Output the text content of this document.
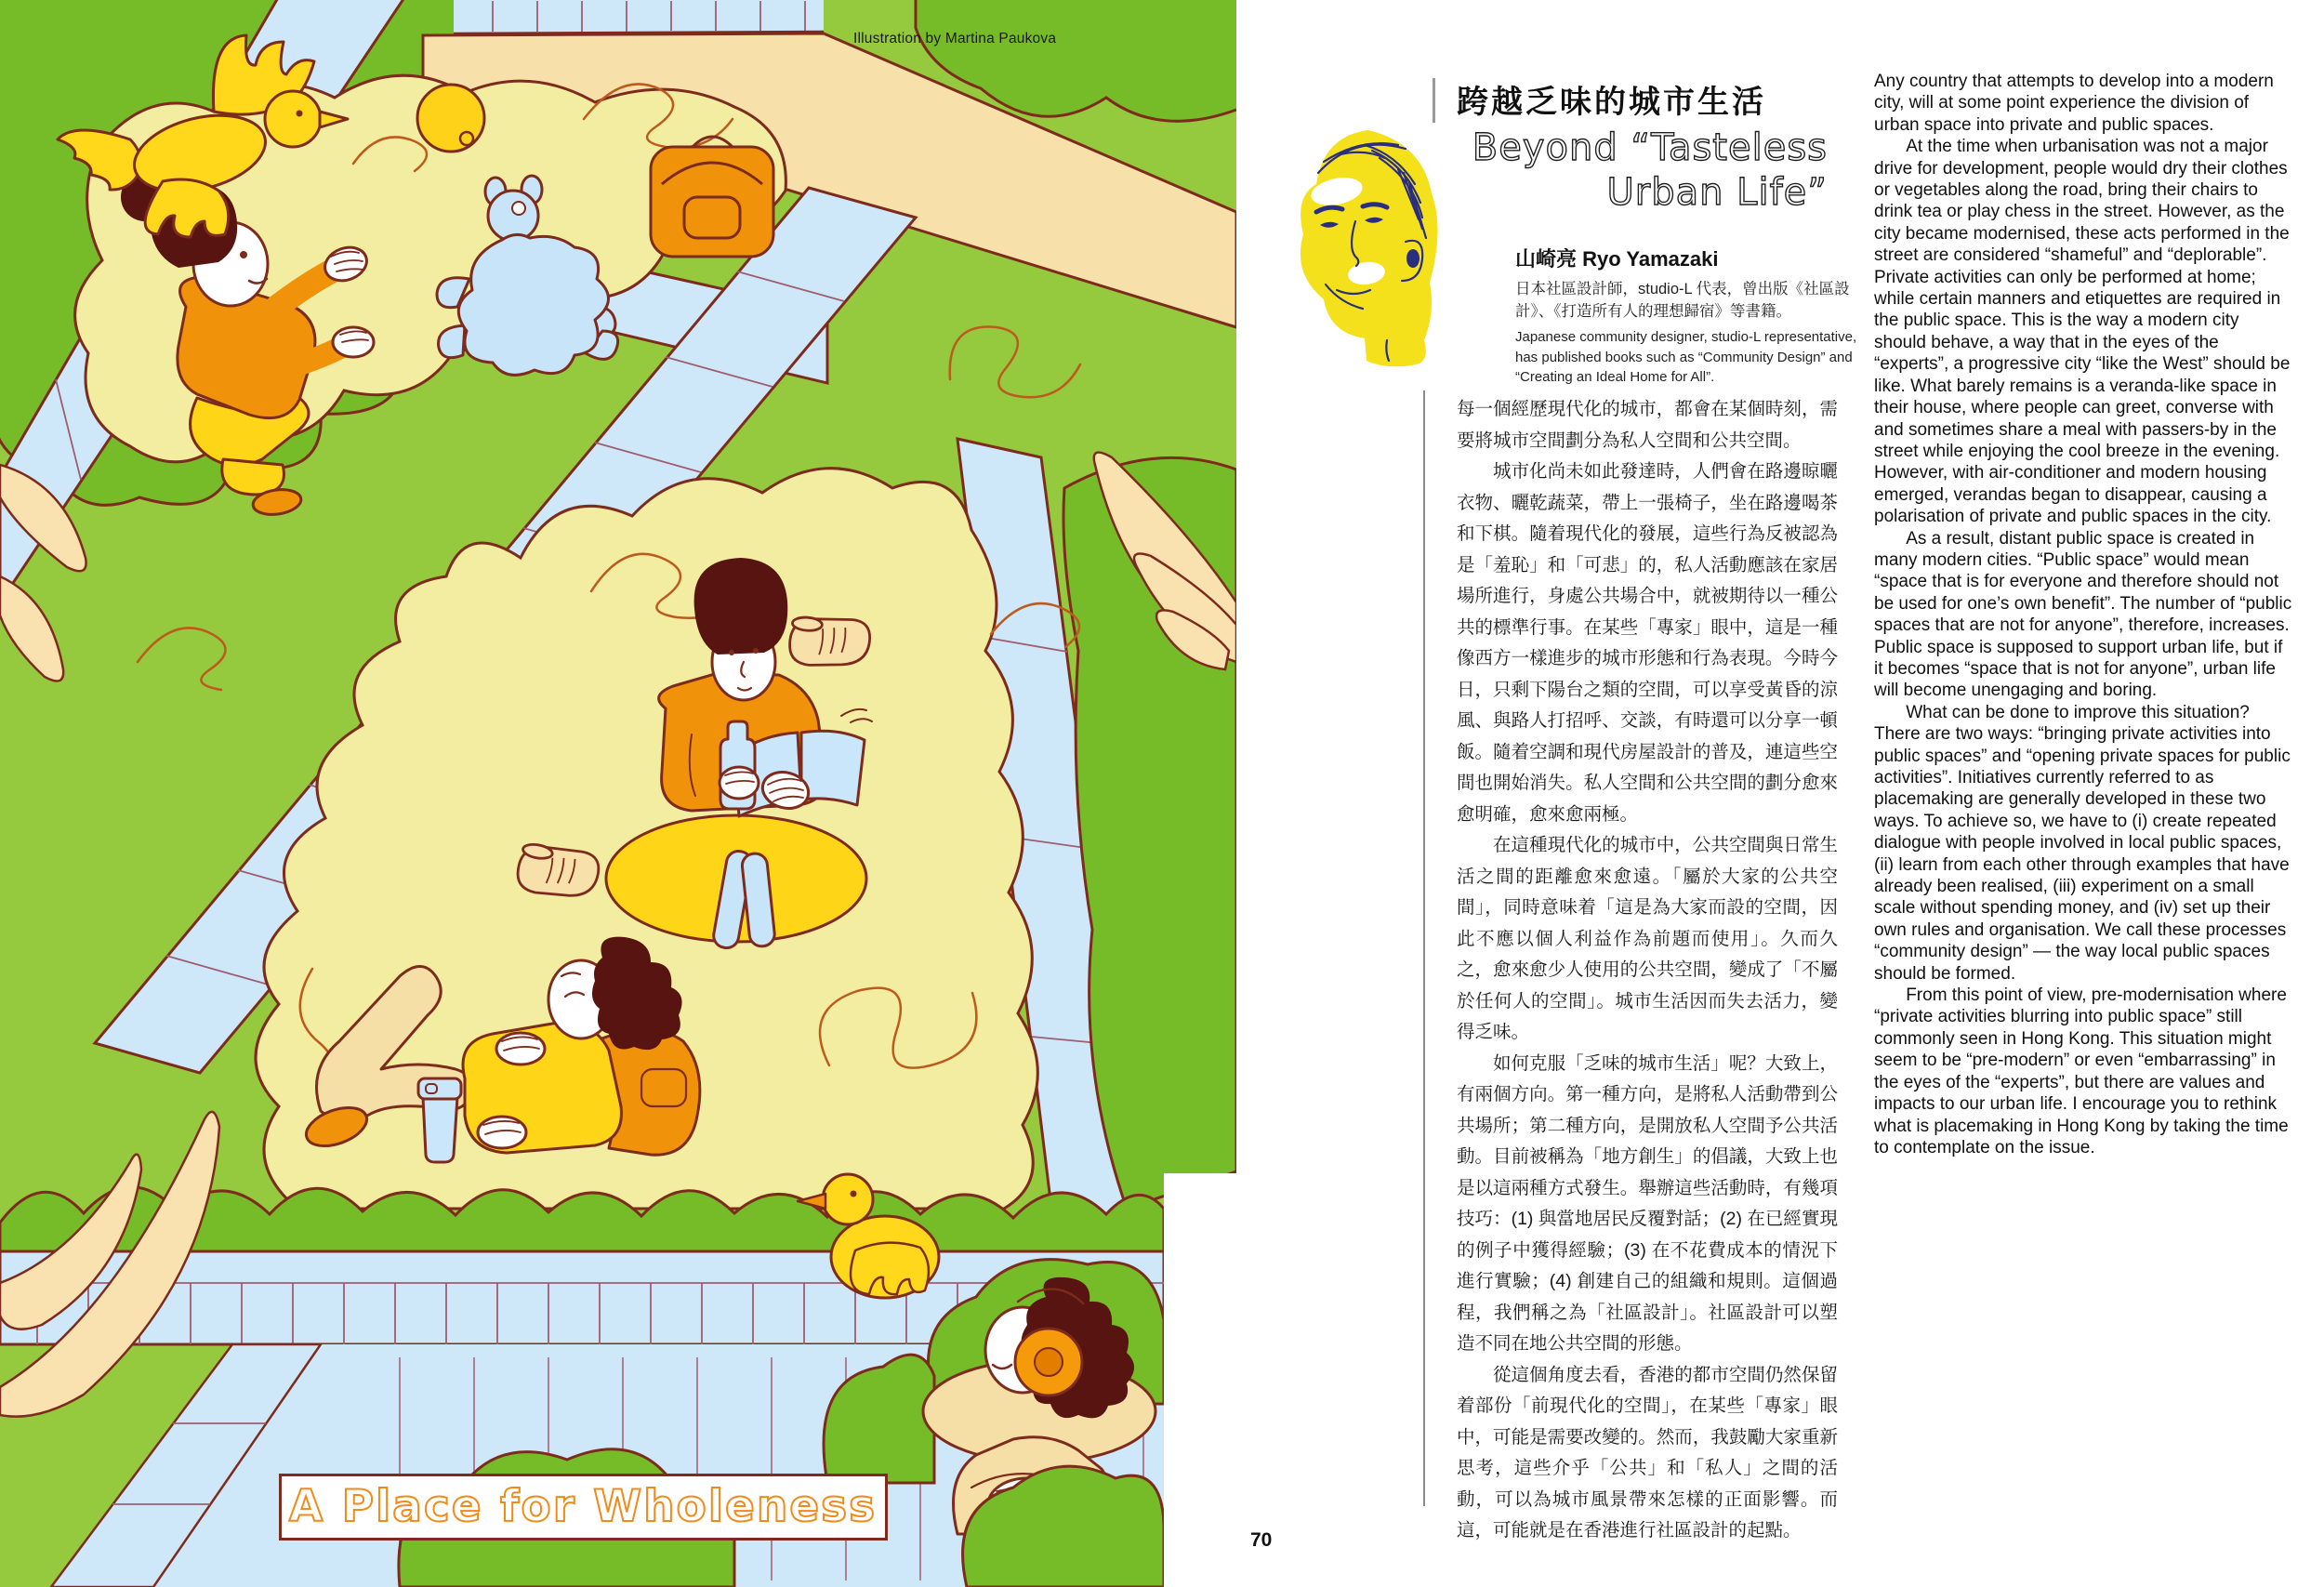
Illustration by Martina Paukova
A Place for Wholeness
跨越乏味的城市生活
Beyond “Tasteless
Urban Life”
山崎亮 Ryo Yamazaki
日本社區設計師，studio-L 代表，曾出版《社區設計》、《打造所有人的理想歸宿》等書籍。
Japanese community designer, studio-L representative, has published books such as “Community Design” and “Creating an Ideal Home for All”.

每一個經歷現代化的城市，都會在某個時刻，需要將城市空間劃分為私人空間和公共空間。

城市化尚未如此發達時，人們會在路邊晾曬衣物、曬乾蔬菜，帶上一張椅子，坐在路邊喝茶和下棋。隨着現代化的發展，這些行為反被認為是「羞恥」和「可悲」的，私人活動應該在家居場所進行，身處公共場合中，就被期待以一種公共的標準行事。在某些「專家」眼中，這是一種像西方一樣進步的城市形態和行為表現。今時今日，只剩下陽台之類的空間，可以享受黃昏的涼風、與路人打招呼、交談，有時還可以分享一頓飯。隨着空調和現代房屋設計的普及，連這些空間也開始消失。私人空間和公共空間的劃分愈來愈明確，愈來愈兩極。

在這種現代化的城市中，公共空間與日常生活之間的距離愈來愈遠。「屬於大家的公共空間」，同時意味着「這是為大家而設的空間，因此不應以個人利益作為前題而使用」。久而久之，愈來愈少人使用的公共空間，變成了「不屬於任何人的空間」。城市生活因而失去活力，變得乏味。

如何克服「乏味的城市生活」呢？大致上，有兩個方向。第一種方向，是將私人活動帶到公共場所；第二種方向，是開放私人空間予公共活動。目前被稱為「地方創生」的倡議，大致上也是以這兩種方式發生。舉辦這些活動時，有幾項技巧：(1) 與當地居民反覆對話；(2) 在已經實現的例子中獲得經驗；(3) 在不花費成本的情況下進行實驗；(4) 創建自己的組織和規則。這個過程，我們稱之為「社區設計」。社區設計可以塑造不同在地公共空間的形態。

從這個角度去看，香港的都市空間仍然保留着部份「前現代化的空間」，在某些「專家」眼中，可能是需要改變的。然而，我鼓勵大家重新思考，這些介乎「公共」和「私人」之間的活動，可以為城市風景帶來怎樣的正面影響。而這，可能就是在香港進行社區設計的起點。

Any country that attempts to develop into a modern city, will at some point experience the division of urban space into private and public spaces.

At the time when urbanisation was not a major drive for development, people would dry their clothes or vegetables along the road, bring their chairs to drink tea or play chess in the street. However, as the city became modernised, these acts performed in the street are considered “shameful” and “deplorable”. Private activities can only be performed at home; while certain manners and etiquettes are required in the public space. This is the way a modern city should behave, a way that in the eyes of the “experts”, a progressive city “like the West” should be like. What barely remains is a veranda-like space in their house, where people can greet, converse with and sometimes share a meal with passers-by in the street while enjoying the cool breeze in the evening. However, with air-conditioner and modern housing emerged, verandas began to disappear, causing a polarisation of private and public spaces in the city.

As a result, distant public space is created in many modern cities. “Public space” would mean “space that is for everyone and therefore should not be used for one’s own benefit”. The number of “public spaces that are not for anyone”, therefore, increases. Public space is supposed to support urban life, but if it becomes “space that is not for anyone”, urban life will become unengaging and boring.

What can be done to improve this situation? There are two ways: “bringing private activities into public spaces” and “opening private spaces for public activities”. Initiatives currently referred to as placemaking are generally developed in these two ways. To achieve so, we have to (i) create repeated dialogue with people involved in local public spaces, (ii) learn from each other through examples that have already been realised, (iii) experiment on a small scale without spending money, and (iv) set up their own rules and organisation. We call these processes “community design” — the way local public spaces should be formed.

From this point of view, pre-modernisation where “private activities blurring into public space” still commonly seen in Hong Kong. This situation might seem to be “pre-modern” or even “embarrassing” in the eyes of the “experts”, but there are values and impacts to our urban life. I encourage you to rethink what is placemaking in Hong Kong by taking the time to contemplate on the issue.

70
